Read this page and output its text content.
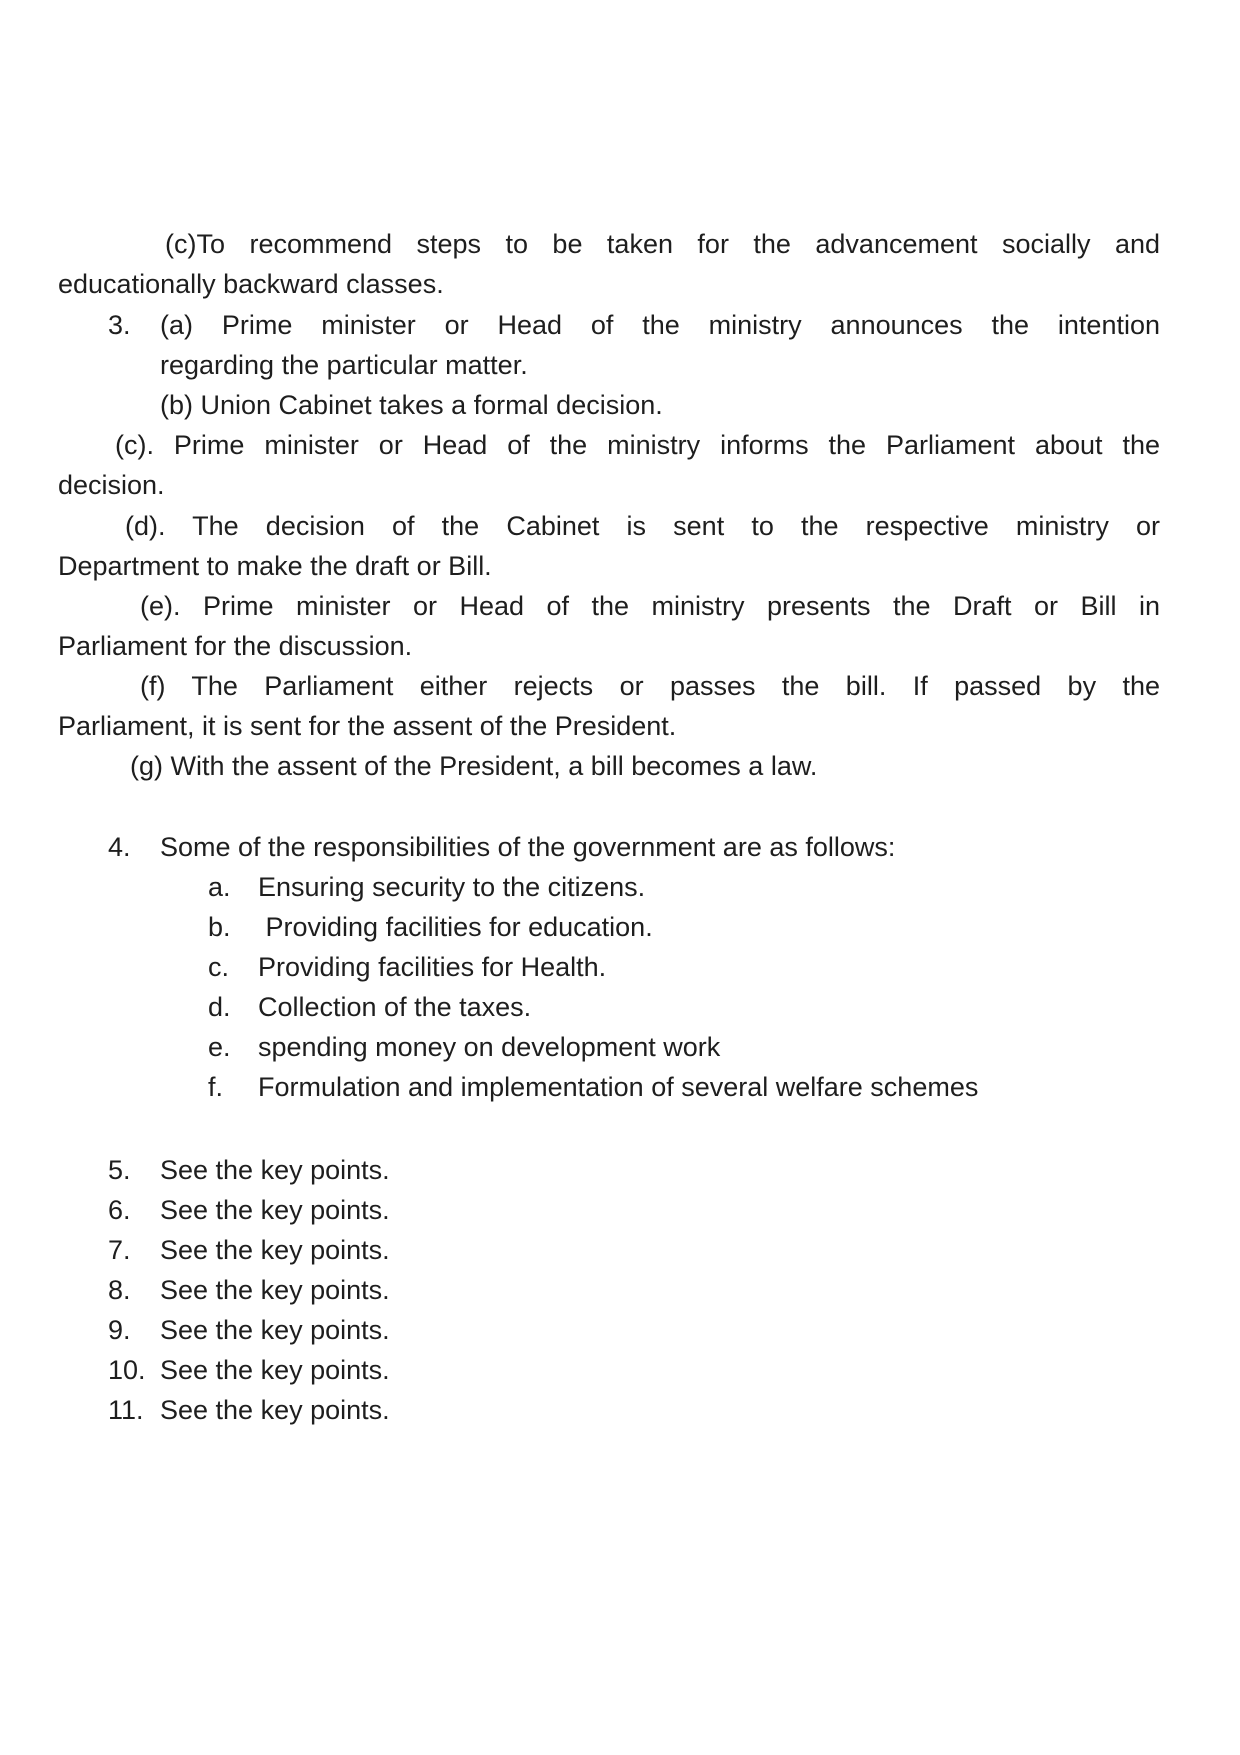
(c)To recommend steps to be taken for the advancement socially and
educationally backward classes.
3. (a) Prime minister or Head of the ministry announces the intention
regarding the particular matter.
(b) Union Cabinet takes a formal decision.
(c). Prime minister or Head of the ministry informs the Parliament about the
decision.
(d). The decision of the Cabinet is sent to the respective ministry or
Department to make the draft or Bill.
(e). Prime minister or Head of the ministry presents the Draft or Bill in
Parliament for the discussion.
(f) The Parliament either rejects or passes the bill. If passed by the
Parliament, it is sent for the assent of the President.
(g) With the assent of the President, a bill becomes a law.
4. Some of the responsibilities of the government are as follows:
a. Ensuring security to the citizens.
b. Providing facilities for education.
c. Providing facilities for Health.
d. Collection of the taxes.
e. spending money on development work
f. Formulation and implementation of several welfare schemes
5. See the key points.
6. See the key points.
7. See the key points.
8. See the key points.
9. See the key points.
10. See the key points.
11. See the key points.
